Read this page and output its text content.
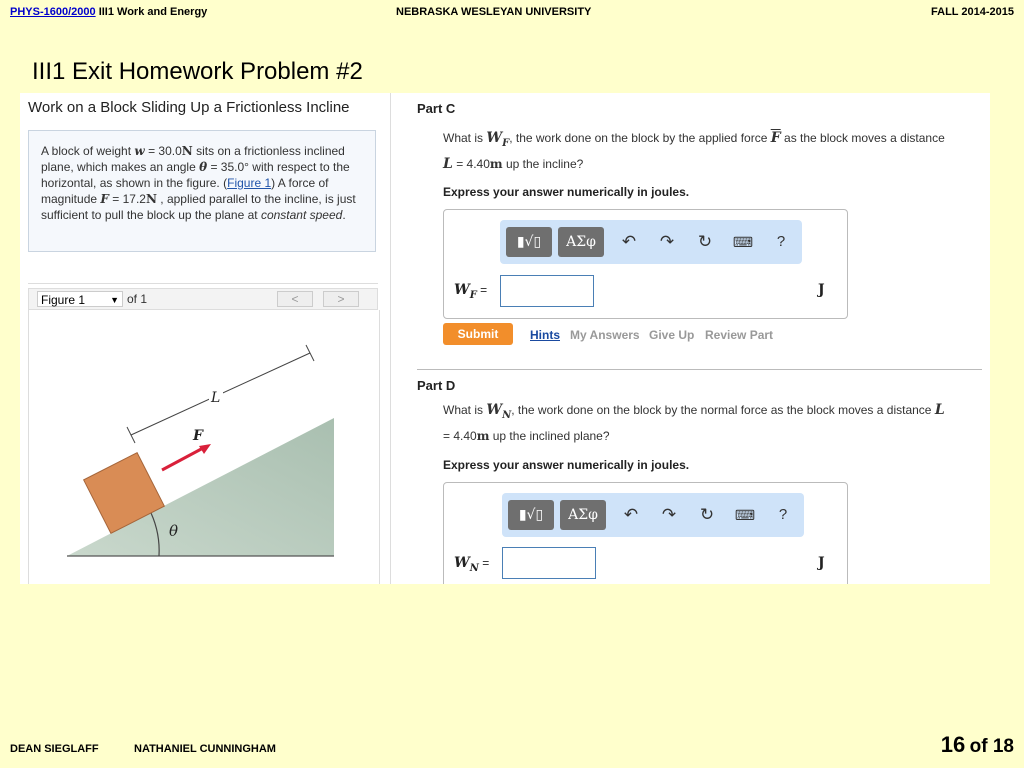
PHYS-1600/2000 III1 Work and Energy	NEBRASKA WESLEYAN UNIVERSITY	FALL 2014-2015
III1 Exit Homework Problem #2
Work on a Block Sliding Up a Frictionless Incline
A block of weight w = 30.0N sits on a frictionless inclined plane, which makes an angle θ = 35.0° with respect to the horizontal, as shown in the figure. (Figure 1) A force of magnitude F = 17.2N , applied parallel to the incline, is just sufficient to pull the block up the plane at constant speed.
Figure 1	▼ of 1	<	>
θ
F
L
Part C
What is $W_F$, the work done on the block by the applied force $\overline{F}$ as the block moves a distance
L = 4.40m up the incline?
Express your answer numerically in joules.
▮√▯	ΑΣφ	↶ ↷ ↻	⌨	?
$W_F$ =	J
Submit	Hints My Answers Give Up Review Part
Part D
What is $W_N$, the work done on the block by the normal force as the block moves a distance L
= 4.40m up the inclined plane?
Express your answer numerically in joules.
▮√▯	ΑΣφ	↶ ↷ ↻	⌨	?
$W_N$ =	J
DEAN SIEGLAFF	NATHANIEL CUNNINGHAM	16 of 18
